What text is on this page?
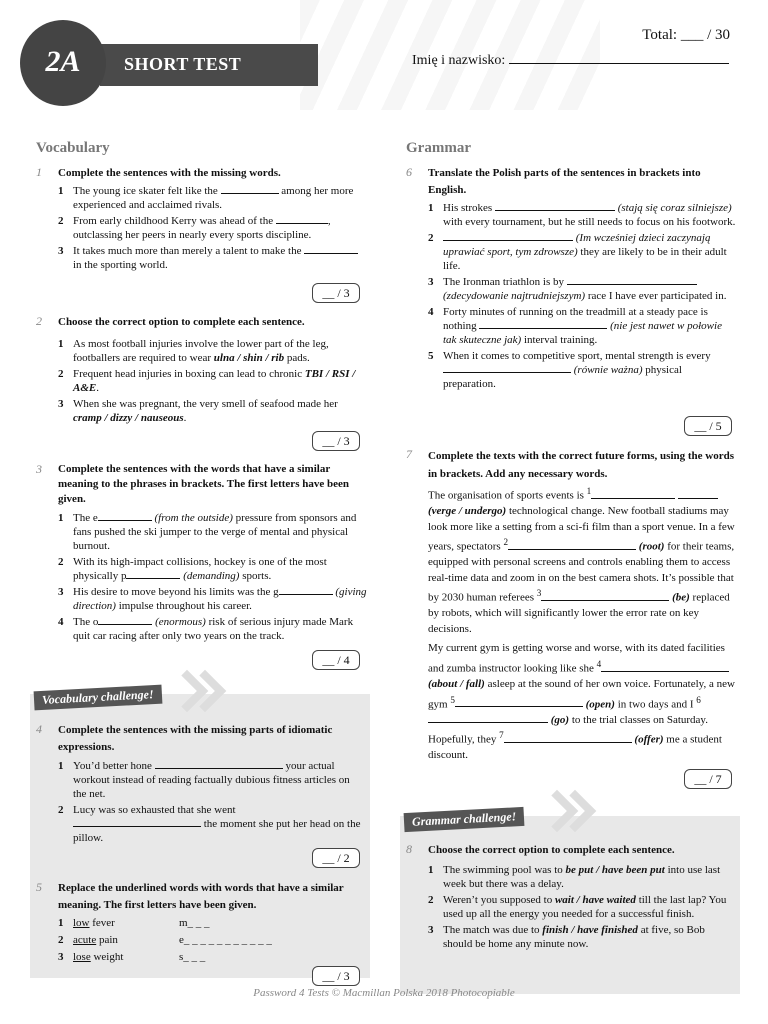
2A	SHORT TEST
Total: ___ / 30
Imię i nazwisko:
Vocabulary	Grammar
1 Complete the sentences with the missing words.
1 The young ice skater felt like the	among her more experienced and acclaimed rivals.
2 From early childhood Kerry was ahead of the	, outclassing her peers in nearly every sports discipline.
3 It takes much more than merely a talent to make the  in the sporting world.
__ / 3
2 Choose the correct option to complete each sentence.
1 As most football injuries involve the lower part of the leg, footballers are required to wear ulna / shin / rib pads.
2 Frequent head injuries in boxing can lead to chronic TBI / RSI / A&E.
3 When she was pregnant, the very smell of seafood made her cramp / dizzy / nauseous.
__ / 3
3 Complete the sentences with the words that have a similar meaning to the phrases in brackets. The first letters have been given.
1 The e	(from the outside) pressure from sponsors and fans pushed the ski jumper to the verge of mental and physical burnout.
2 With its high-impact collisions, hockey is one of the most physically p	(demanding) sports.
3 His desire to move beyond his limits was the g	(giving direction) impulse throughout his career.
4 The o	(enormous) risk of serious injury made Mark quit car racing after only two years on the track.
__ / 4
Vocabulary challenge!
4 Complete the sentences with the missing parts of idiomatic expressions.
1 You’d better hone	your actual workout instead of reading factually dubious fitness articles on the net.
2 Lucy was so exhausted that she went
the moment she put her head on the pillow.
__ / 2
5 Replace the underlined words with words that have a similar meaning. The first letters have been given.
1 low fever	m_ _ _
2 acute pain	e_ _ _ _ _ _ _ _ _ _ _
3 lose weight	s_ _ _
__ / 3
6 Translate the Polish parts of the sentences in brackets into English.
1 His strokes	(stają się coraz silniejsze) with every tournament, but he still needs to focus on his footwork.
2	(Im wcześniej dzieci zaczynają uprawiać sport, tym zdrowsze) they are likely to be in their adult life.
3 The Ironman triathlon is by  (zdecydowanie najtrudniejszym) race I have ever participated in.
4 Forty minutes of running on the treadmill at a steady pace is nothing	(nie jest nawet w połowie tak skuteczne jak) interval training.
5 When it comes to competitive sport, mental strength is every  (równie ważna) physical preparation.
__ / 5
7 Complete the texts with the correct future forms, using the words in brackets. Add any necessary words.
The organisation of sports events is $^1$  (verge / undergo) technological change. New football stadiums may look more like a setting from a sci-fi film than a sport venue. In a few years, spectators $^2$	(root) for their teams, equipped with personal screens and controls enabling them to access real-time data and zoom in on the best camera shots. It’s possible that by 2030 human referees $^3$	(be) replaced by robots, which will significantly lower the error rate on key decisions.
My current gym is getting worse and worse, with its dated facilities and zumba instructor looking like she $^4$ (about / fall) asleep at the sound of her own voice. Fortunately, a new gym $^5$	(open) in two days and I $^6$ (go) to the trial classes on Saturday. Hopefully, they $^7$	(offer) me a student discount.
__ / 7
Grammar challenge!
8 Choose the correct option to complete each sentence.
1 The swimming pool was to be put / have been put into use last week but there was a delay.
2 Weren’t you supposed to wait / have waited till the last lap? You used up all the energy you needed for a successful finish.
3 The match was due to finish / have finished at five, so Bob should be home any minute now.
Password 4 Tests © Macmillan Polska 2018 Photocopiable
